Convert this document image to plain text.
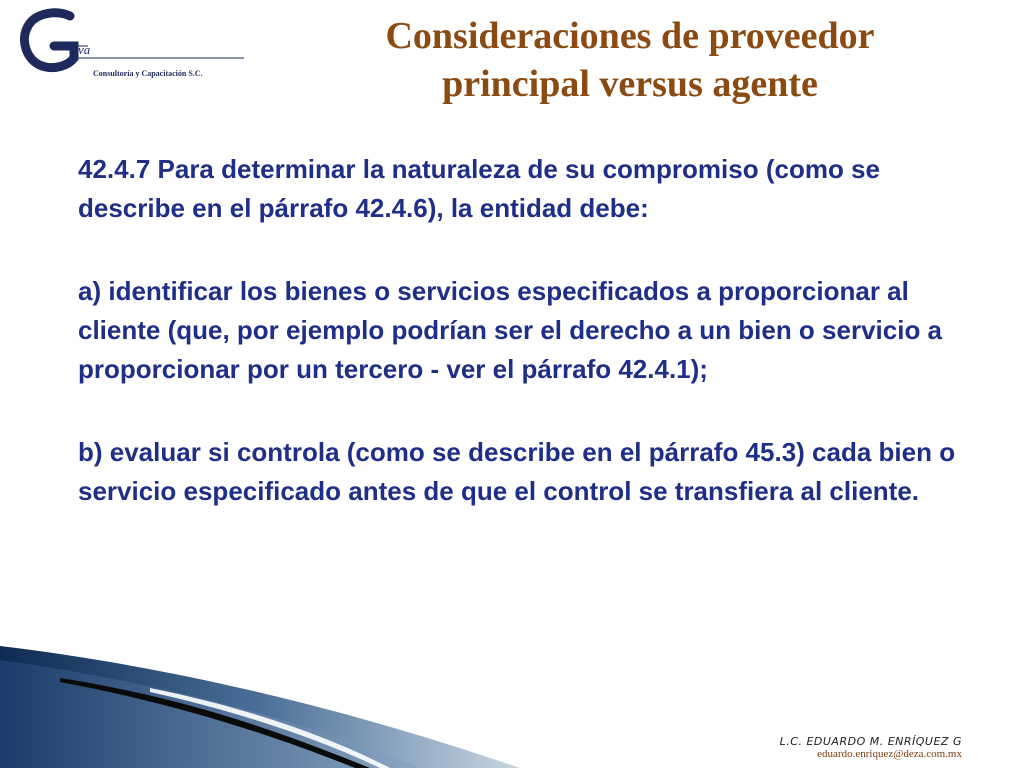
va
Consultoría y Capacitación S.C.
Consideraciones de proveedor
principal versus agente

42.4.7 Para determinar la naturaleza de su compromiso (como se describe en el párrafo 42.4.6), la entidad debe:

a) identificar los bienes o servicios especificados a proporcionar al cliente (que, por ejemplo podrían ser el derecho a un bien o servicio a proporcionar por un tercero - ver el párrafo 42.4.1);

b) evaluar si controla (como se describe en el párrafo 45.3) cada bien o servicio especificado antes de que el control se transfiera al cliente.

L.C. EDUARDO M. ENRÍQUEZ G
eduardo.enriquez@deza.com.mx
